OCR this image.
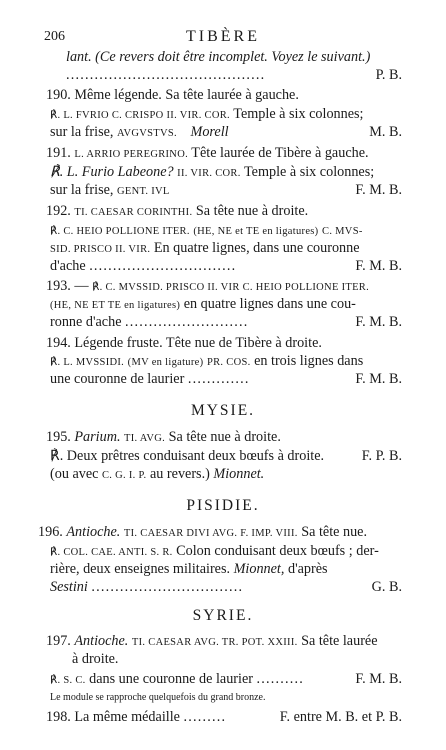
206	TIBÈRE
lant. (Ce revers doit être incomplet. Voyez le suivant.)
..........................................	P. B.
190. Même légende. Sa tête laurée à gauche.
℟. L. FVRIO C. CRISPO II. VIR. COR. Temple à six colonnes;
sur la frise, AVGVSTVS. Morell	M. B.
191. L. ARRIO PEREGRINO. Tête laurée de Tibère à gauche.
℟. L. Furio Labeone? II. VIR. COR. Temple à six colonnes;
sur la frise, GENT. IVL	F. M. B.
192. TI. CAESAR CORINTHI. Sa tête nue à droite.
℟. C. HEIO POLLIONE ITER. (HE, NE et TE en ligatures) C. MVS-
SID. PRISCO II. VIR. En quatre lignes, dans une couronne
d'ache ...............................	F. M. B.
193. — ℟. C. MVSSID. PRISCO II. VIR C. HEIO POLLIONE ITER.
(HE, NE ET TE en ligatures) en quatre lignes dans une cou-
ronne d'ache ..........................	F. M. B.
194. Légende fruste. Tête nue de Tibère à droite.
℟. L. MVSSIDI. (MV en ligature) PR. COS. en trois lignes dans
une couronne de laurier .............	F. M. B.
MYSIE.
195. Parium. TI. AVG. Sa tête nue à droite.
℟. Deux prêtres conduisant deux bœufs à droite.	F. P. B.
(ou avec C. G. I. P. au revers.) Mionnet.
PISIDIE.
196. Antioche. TI. CAESAR DIVI AVG. F. IMP. VIII. Sa tête nue.
℟. COL. CAE. ANTI. S. R. Colon conduisant deux bœufs ; der-
rière, deux enseignes militaires. Mionnet, d'après
Sestini ................................	G. B.
SYRIE.
197. Antioche. TI. CAESAR AVG. TR. POT. XXIII. Sa tête laurée
à droite.
℟. S. C. dans une couronne de laurier ..........	F. M. B.
Le module se rapproche quelquefois du grand bronze.
198. La même médaille .........	F. entre M. B. et P. B.
